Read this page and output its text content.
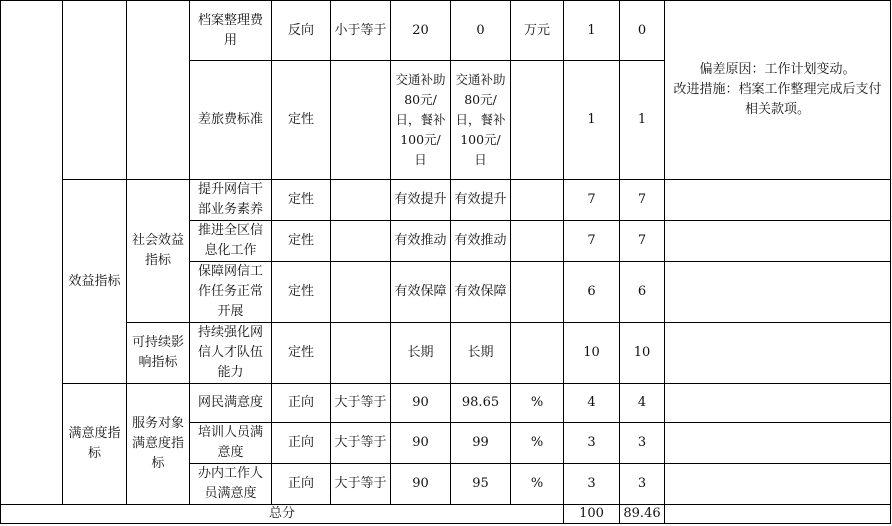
			档案整理费用	反向	小于等于	20	0	万元	1	0	偏差原因：工作计划变动。
改进措施：档案工作整理完成后支付相关款项。
			差旅费标准	定性		交通补助 80元/日，餐补 100元/日	交通补助 80元/日，餐补 100元/日		1	1	
	效益指标	社会效益指标	提升网信干部业务素养	定性		有效提升	有效提升		7	7	
			推进全区信息化工作	定性		有效推动	有效推动		7	7	
			保障网信工作任务正常开展	定性		有效保障	有效保障		6	6	
		可持续影响指标	持续强化网信人才队伍能力	定性		长期	长期		10	10	
	满意度指标	服务对象满意度指标	网民满意度	正向	大于等于	90	98.65	%	4	4	
			培训人员满意度	正向	大于等于	90	99	%	3	3	
			办内工作人员满意度	正向	大于等于	90	95	%	3	3	
总分									100	89.46	
